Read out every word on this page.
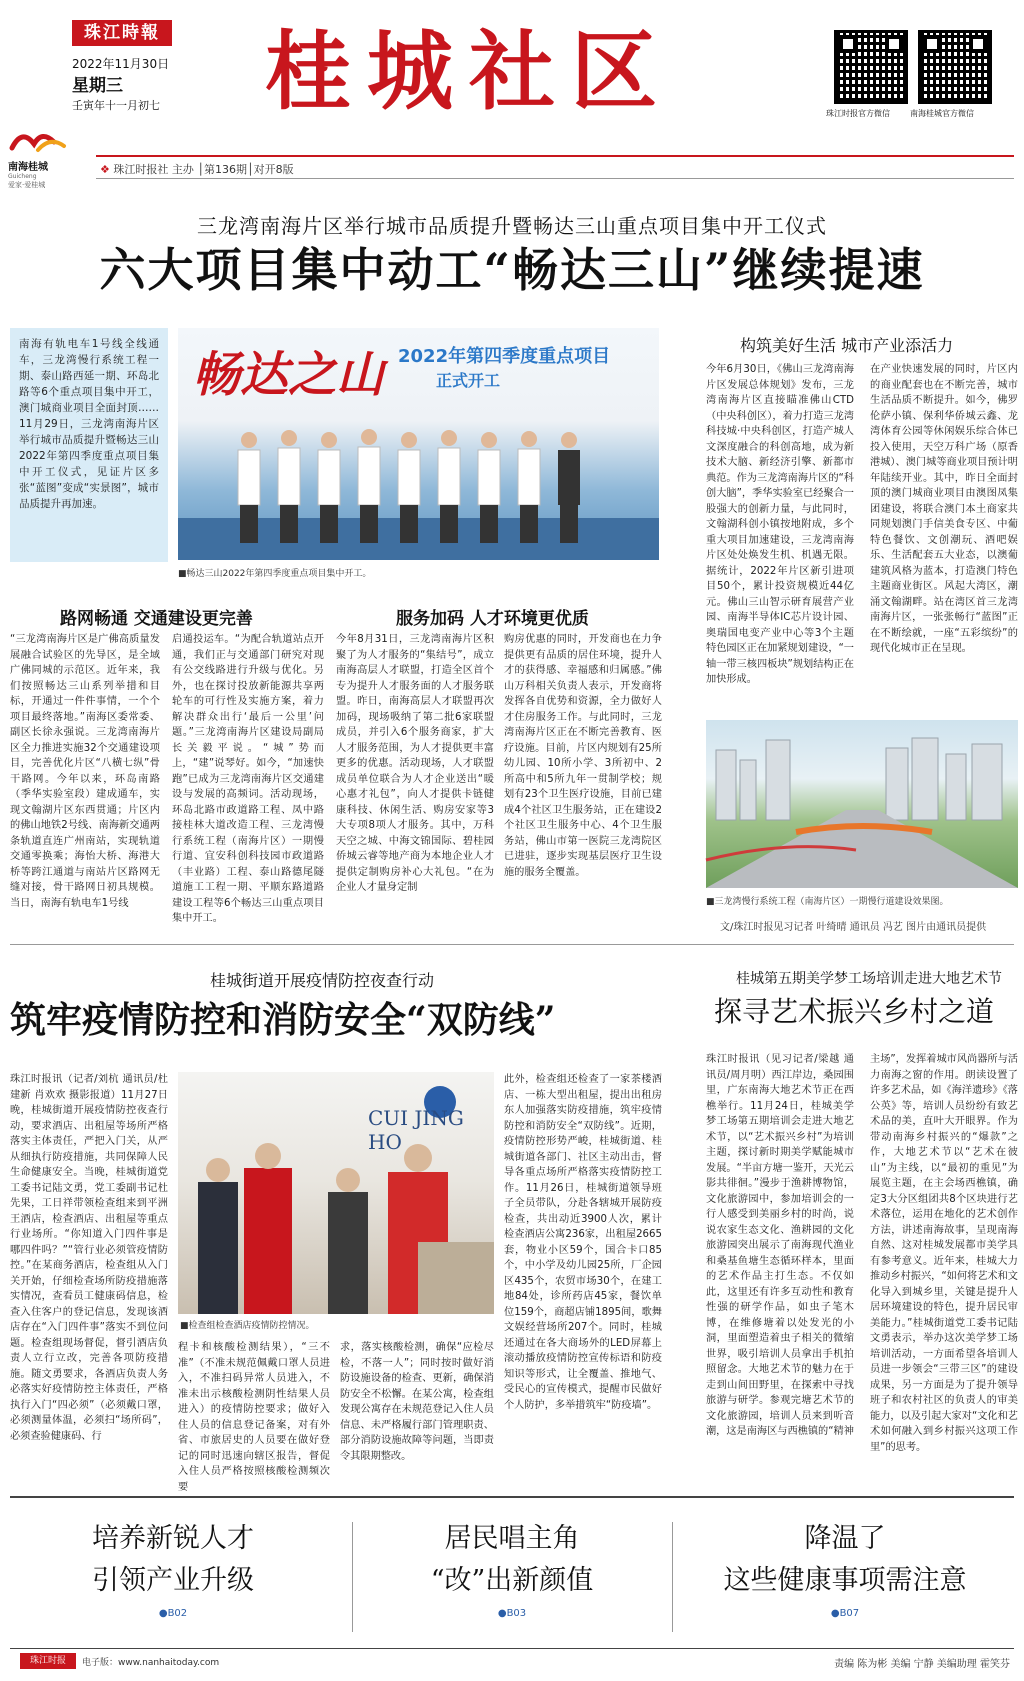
珠江時報
2022年11月30日
星期三
壬寅年十一月初七 桂城社区	珠江时报官方微信	南海桂城官方微信
南海桂城
Guicheng
爱家·爱桂城
❖ 珠江时报社 主办 │第136期│对开8版
三龙湾南海片区举行城市品质提升暨畅达三山重点项目集中开工仪式
六大项目集中动工“畅达三山”继续提速
南海有轨电车1号线全线通车，三龙湾慢行系统工程一期、泰山路西延一期、环岛北路等6个重点项目集中开工，澳门城商业项目全面封顶……11月29日，三龙湾南海片区举行城市品质提升暨畅达三山2022年第四季度重点项目集中开工仪式，见证片区多张“蓝图”变成“实景图”，城市品质提升再加速。
畅达之山 2022年第四季度重点项目
正式开工
■畅达三山2022年第四季度重点项目集中开工。
路网畅通 交通建设更完善
“三龙湾南海片区是广佛高质量发展融合试验区的先导区，是全域广佛同城的示范区。近年来，我们按照畅达三山系列举措和目标，开通过一件件事情，一个个项目最终落地。”南海区委常委、副区长徐永强说。三龙湾南海片区全力推进实施32个交通建设项目，完善优化片区“八横七纵”骨干路网。今年以来，环岛南路（季华实验室段）建成通车，实现文翰湖片区东西贯通；片区内的佛山地铁2号线、南海新交通两条轨道直连广州南站，实现轨道交通零换乘；海怡大桥、海港大桥等跨江通道与南站片区路网无缝对接，骨干路网日初具规模。当日，南海有轨电车1号线
启通投运车。“为配合轨道站点开通，我们正与交通部门研究对现有公交线路进行升级与优化。另外，也在探讨投放新能源共享两轮车的可行性及实施方案，着力解决群众出行‘最后一公里’问题。”三龙湾南海片区建设局副局长关毅平说。“城”势而上，“建”说琴好。如今，“加速快跑”已成为三龙湾南海片区交通建设与发展的高频词。活动现场，环岛北路市政道路工程、凤中路接桂林大道改造工程、三龙湾慢行系统工程（南海片区）一期慢行道、宜安科创科技园市政道路（丰业路）工程、泰山路德尾隧道施工工程一期、平顺东路道路建设工程等6个畅达三山重点项目集中开工。
服务加码 人才环境更优质
今年8月31日，三龙湾南海片区积聚了为人才服务的“集结号”，成立南海高层人才联盟，打造全区首个专为提升人才服务面的人才服务联盟。昨日，南海高层人才联盟再次加码，现场吸纳了第二批6家联盟成员，并引入6个服务商家，扩大人才服务范围，为人才提供更丰富更多的优惠。活动现场，人才联盟成员单位联合为人才企业送出“暖心惠才礼包”，向人才提供卡链健康科技、休闲生活、购房安家等3大专项8项人才服务。其中，万科天空之城、中海文锦国际、碧桂园侨城云睿等地产商为本地企业人才提供定制购房补心大礼包。“在为企业人才量身定制
购房优惠的同时，开发商也在力争提供更有品质的居住环境，提升人才的获得感、幸福感和归属感。”佛山万科相关负责人表示，开发商将发挥各自优势和资源，全力做好人才住房服务工作。与此同时，三龙湾南海片区正在不断完善教育、医疗设施。目前，片区内规划有25所幼儿园、10所小学、3所初中、2所高中和5所九年一贯制学校；规划有23个卫生医疗设施，目前已建成4个社区卫生服务站，正在建设2个社区卫生服务中心、4个卫生服务站，佛山市第一医院三龙湾院区已进驻，逐步实现基层医疗卫生设施的服务全覆盖。
构筑美好生活 城市产业添活力
今年6月30日，《佛山三龙湾南海片区发展总体规划》发布，三龙湾南海片区直接瞄准佛山CTD（中央科创区），着力打造三龙湾科技城·中央科创区，打造产城人文深度融合的科创高地，成为新技术大脑、新经济引擎、新都市典范。作为三龙湾南海片区的“科创大脑”，季华实验室已经聚合一股强大的创新力量，与此同时，文翰湖科创小镇按地附成，多个重大项目加速建设，三龙湾南海片区处处焕发生机、机遇无限。据统计，2022年片区新引进项目50个，累计投资规模近44亿元。佛山三山智示研育展营产业园、南海半导体IC芯片设计园、奥瑞国电变产业中心等3个主题特色园区正在加紧规划建设，“一轴一带三核四板块”规划结构正在加快形成。
在产业快速发展的同时，片区内的商业配套也在不断完善，城市生活品质不断提升。如今，佛罗伦萨小镇、保利华侨城云鑫、龙湾体育公园等休闲娱乐综合体已投入使用，天空万科广场（原香港城）、澳门城等商业项目预计明年陆续开业。其中，昨日全面封顶的澳门城商业项目由澳图凤集团建设，将联合澳门本土商家共同规划澳门手信美食专区、中葡特色餐饮、文创潮玩、酒吧娱乐、生活配套五大业态，以澳葡建筑风格为蓝本，打造澳门特色主题商业街区。风起大湾区，潮涌文翰湖畔。站在湾区首三龙湾南海片区，一张张畅行“蓝图”正在不断绘就，一座“五彩缤纷”的现代化城市正在呈现。
■三龙湾慢行系统工程（南海片区）一期慢行道建设效果图。
文/珠江时报见习记者 叶绮晴 通讯员 冯艺 图片由通讯员提供
桂城街道开展疫情防控夜查行动
筑牢疫情防控和消防安全“双防线”
CUI JING HO
■检查组检查酒店疫情防控情况。
珠江时报讯（记者/刘杭 通讯员/杜建新 肖欢欢 摄影报道）11月27日晚，桂城街道开展疫情防控夜查行动，要求酒店、出租屋等场所严格落实主体责任，严把入门关，从严从细执行防疫措施，共同保障人民生命健康安全。当晚，桂城街道党工委书记陆文勇，党工委副书记杜先果，工日祥带领检查组来到平洲王酒店，检查酒店、出租屋等重点行业场所。“你知道入门四件事是哪四件吗？”“管行业必须管疫情防控。”在某商务酒店，检查组从入门关开始，仔细检查场所防疫措施落实情况，查看员工健康码信息，检查入住客户的登记信息，发现该酒店存在“入门四件事”落实不到位问题。检查组现场督促，督引酒店负责人立行立改，完善各项防疫措施。随文勇要求，各酒店负责人务必落实好疫情防控主体责任，严格执行入门“四必须”（必须戴口罩，必须测量体温，必须扫“场所码”，必须查验健康码、行
程卡和核酸检测结果），“三不准”（不准未规范佩戴口罩人员进入，不准扫码异常人员进入，不准未出示核酸检测阴性结果人员进入）的疫情防控要求；做好入住人员的信息登记备案，对有外省、市旅居史的人员要在做好登记的同时迅速向辖区报告，督促入住人员严格按照核酸检测频次要
求，落实核酸检测，确保“应检尽检，不落一人”；同时按时做好消防设施设备的检查、更新，确保消防安全不松懈。在某公寓，检查组发现公寓存在未规范登记入住人员信息、未严格履行部门管理职责、部分消防设施故障等问题，当即责令其限期整改。
此外，检查组还检查了一家茶楼酒店、一栋大型出租屋，提出出租房东人加强落实防疫措施，筑牢疫情防控和消防安全“双防线”。近期，疫情防控形势严峻，桂城街道、桂城街道各部门、社区主动出击，督导各重点场所严格落实疫情防控工作。11月26日，桂城街道领导班子全员带队，分赴各辖城开展防疫检查，共出动近3900人次，累计检查酒店公寓236家，出租屋2665套，物业小区59个，国合卡口85个，中小学及幼儿园25所，厂企园区435个，农贸市场30个，在建工地84处，诊所药店45家，餐饮单位159个，商超店铺1895间，歌舞文娱经营场所207个。同时，桂城还通过在各大商场外的LED屏幕上滚动播放疫情防控宣传标语和防疫知识等形式，让全覆盖、推地气、受民心的宣传模式，提醒市民做好个人防护，多举措筑牢“防疫墙”。
桂城第五期美学梦工场培训走进大地艺术节
探寻艺术振兴乡村之道
珠江时报讯（见习记者/梁越 通讯员/周月明）西江岸边，桑园围里，广东南海大地艺术节正在西樵举行。11月24日，桂城美学梦工场第五期培训会走进大地艺术节，以“艺术振兴乡村”为培训主题，探讨新时期美学赋能城市发展。“半亩方塘一鉴开，天光云影共徘徊。”漫步于渔耕博物馆，文化旅游园中，参加培训会的一行人感受到美丽乡村的时尚，说说农家生态文化、渔耕园的文化旅游园突出展示了南海现代渔业和桑基鱼塘生态循环样本，里面的艺术作品主打生态。不仅如此，这里还有许多互动性和教育性强的研学作品，如虫子笔木博，在维修塘着以处发光的小洞，里面塑造着虫子相关的微缩世界，吸引培训人员拿出手机拍照留念。大地艺术节的魅力在于走到山间田野里，在探索中寻找旅游与研学。参观完塘艺术节的文化旅游园，培训人员来到听音潮，这是南海区与西樵镇的“精神
主场”，发挥着城市风尚器所与活力南海之窗的作用。朗读设置了许多艺术品，如《海洋遗珍》《落公英》等，培训人员纷纷有致艺术品的美，直叶大开眼界。作为带动南海乡村振兴的“爆款”之作，大地艺术节以“艺术在彼山”为主线，以“最初的重见”为展览主题，在主会场西樵镇，确定3大分区组团共8个区块进行艺术落位，运用在地化的艺术创作方法，讲述南海故事，呈现南海自然、这对桂城发展都市美学具有参考意义。近年来，桂城大力推动乡村振兴，“如何将艺术和文化导入到城乡里，关键是提升人居环境建设的特色，提升居民审美能力。”桂城街道党工委书记陆文勇表示，举办这次美学梦工场培训活动，一方面希望各培训人员进一步领会“三带三区”的建设成果，另一方面是为了提升领导班子和农村社区的负责人的审美能力，以及引起大家对“文化和艺术如何融入到乡村振兴这项工作里”的思考。
培养新锐人才
引领产业升级
● B02
居民唱主角
“改”出新颜值
● B03
降温了
这些健康事项需注意
● B07
珠江时报	电子版：www.nanhaitoday.com	责编 陈为彬 美编 宁静 美编助理 霍笑芬
